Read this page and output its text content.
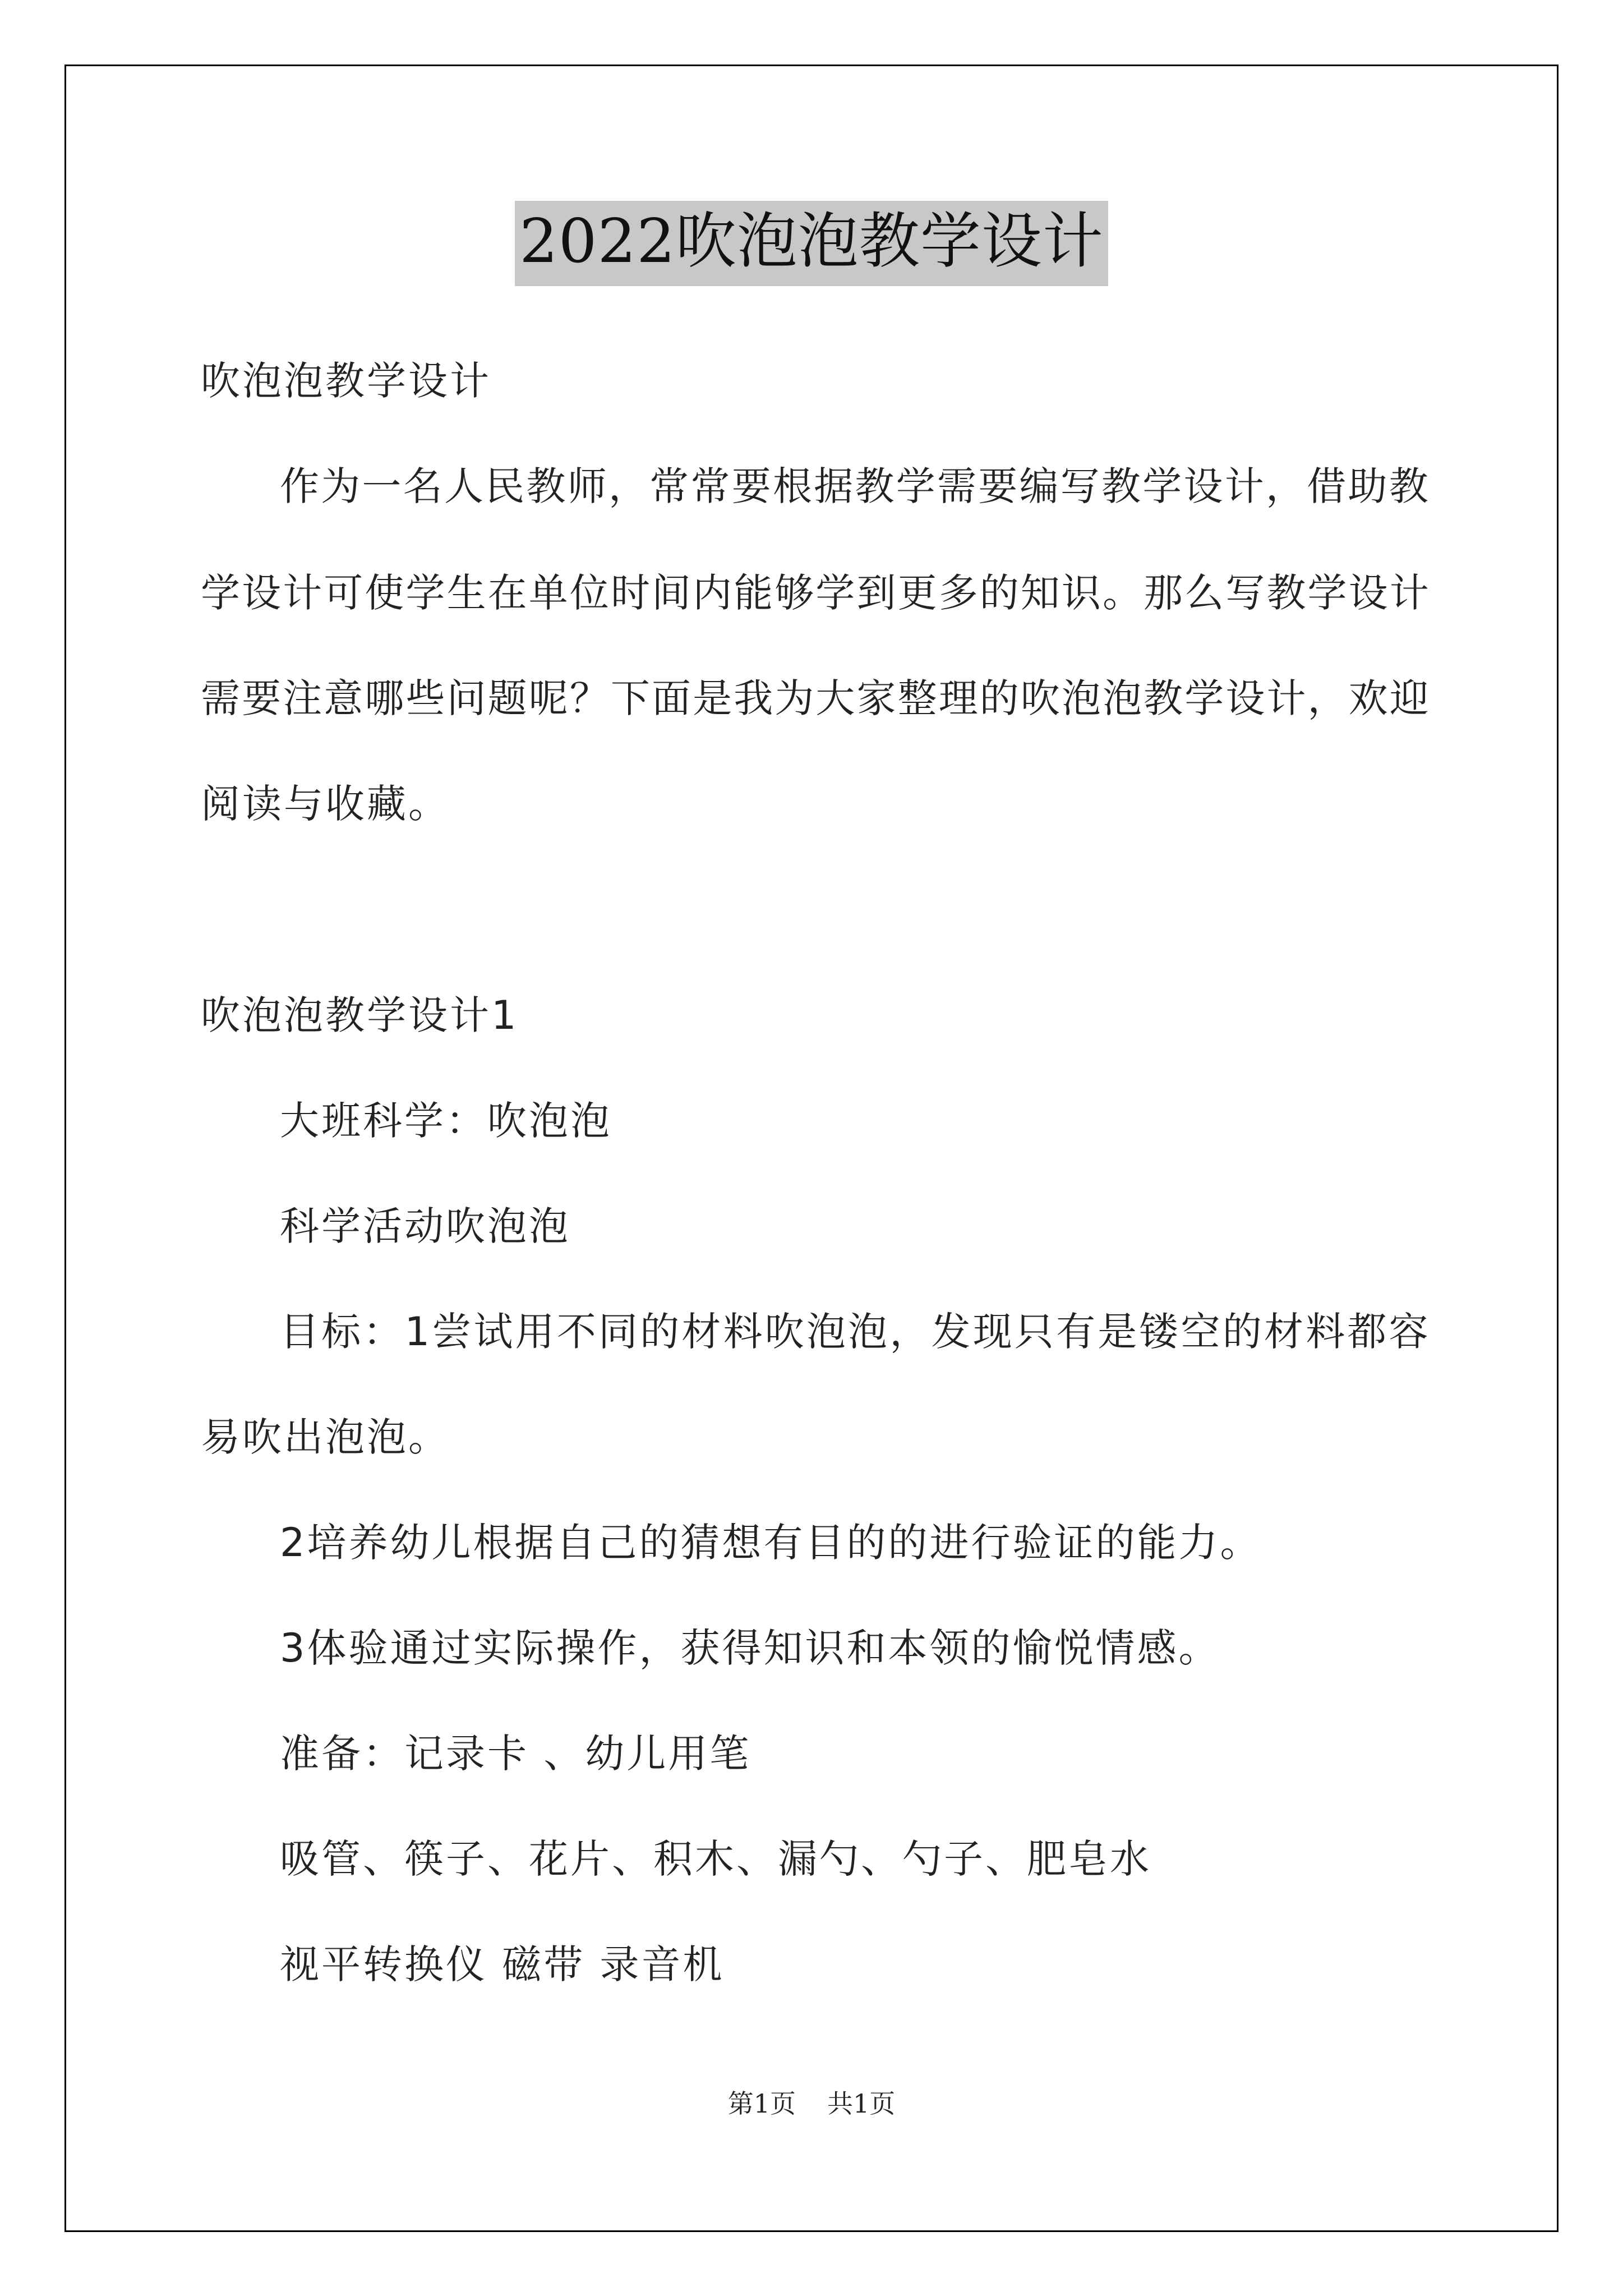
2022吹泡泡教学设计
吹泡泡教学设计
作 为 一 名 人 民 教 师 ， 常 常 要 根 据 教 学 需 要 编 写 教 学 设 计 ， 借 助 教
学 设 计 可 使 学 生 在 单 位 时 间 内 能 够 学 到 更 多 的 知 识 。 那 么 写 教 学 设 计
需 要 注 意 哪 些 问 题 呢 ？ 下 面 是 我 为 大 家 整 理 的 吹 泡 泡 教 学 设 计 ， 欢 迎
阅读与收藏。
吹泡泡教学设计1
大班科学：吹泡泡
科学活动吹泡泡
目 标 ： 1 尝 试 用 不 同 的 材 料 吹 泡 泡 ， 发 现 只 有 是 镂 空 的 材 料 都 容
易吹出泡泡。
2培养幼儿根据自己的猜想有目的的进行验证的能力。
3体验通过实际操作，获得知识和本领的愉悦情感。
准备：记录卡 、幼儿用笔
吸管、筷子、花片、积木、漏勺、勺子、肥皂水
视平转换仪 磁带 录音机
第1页 共1页
